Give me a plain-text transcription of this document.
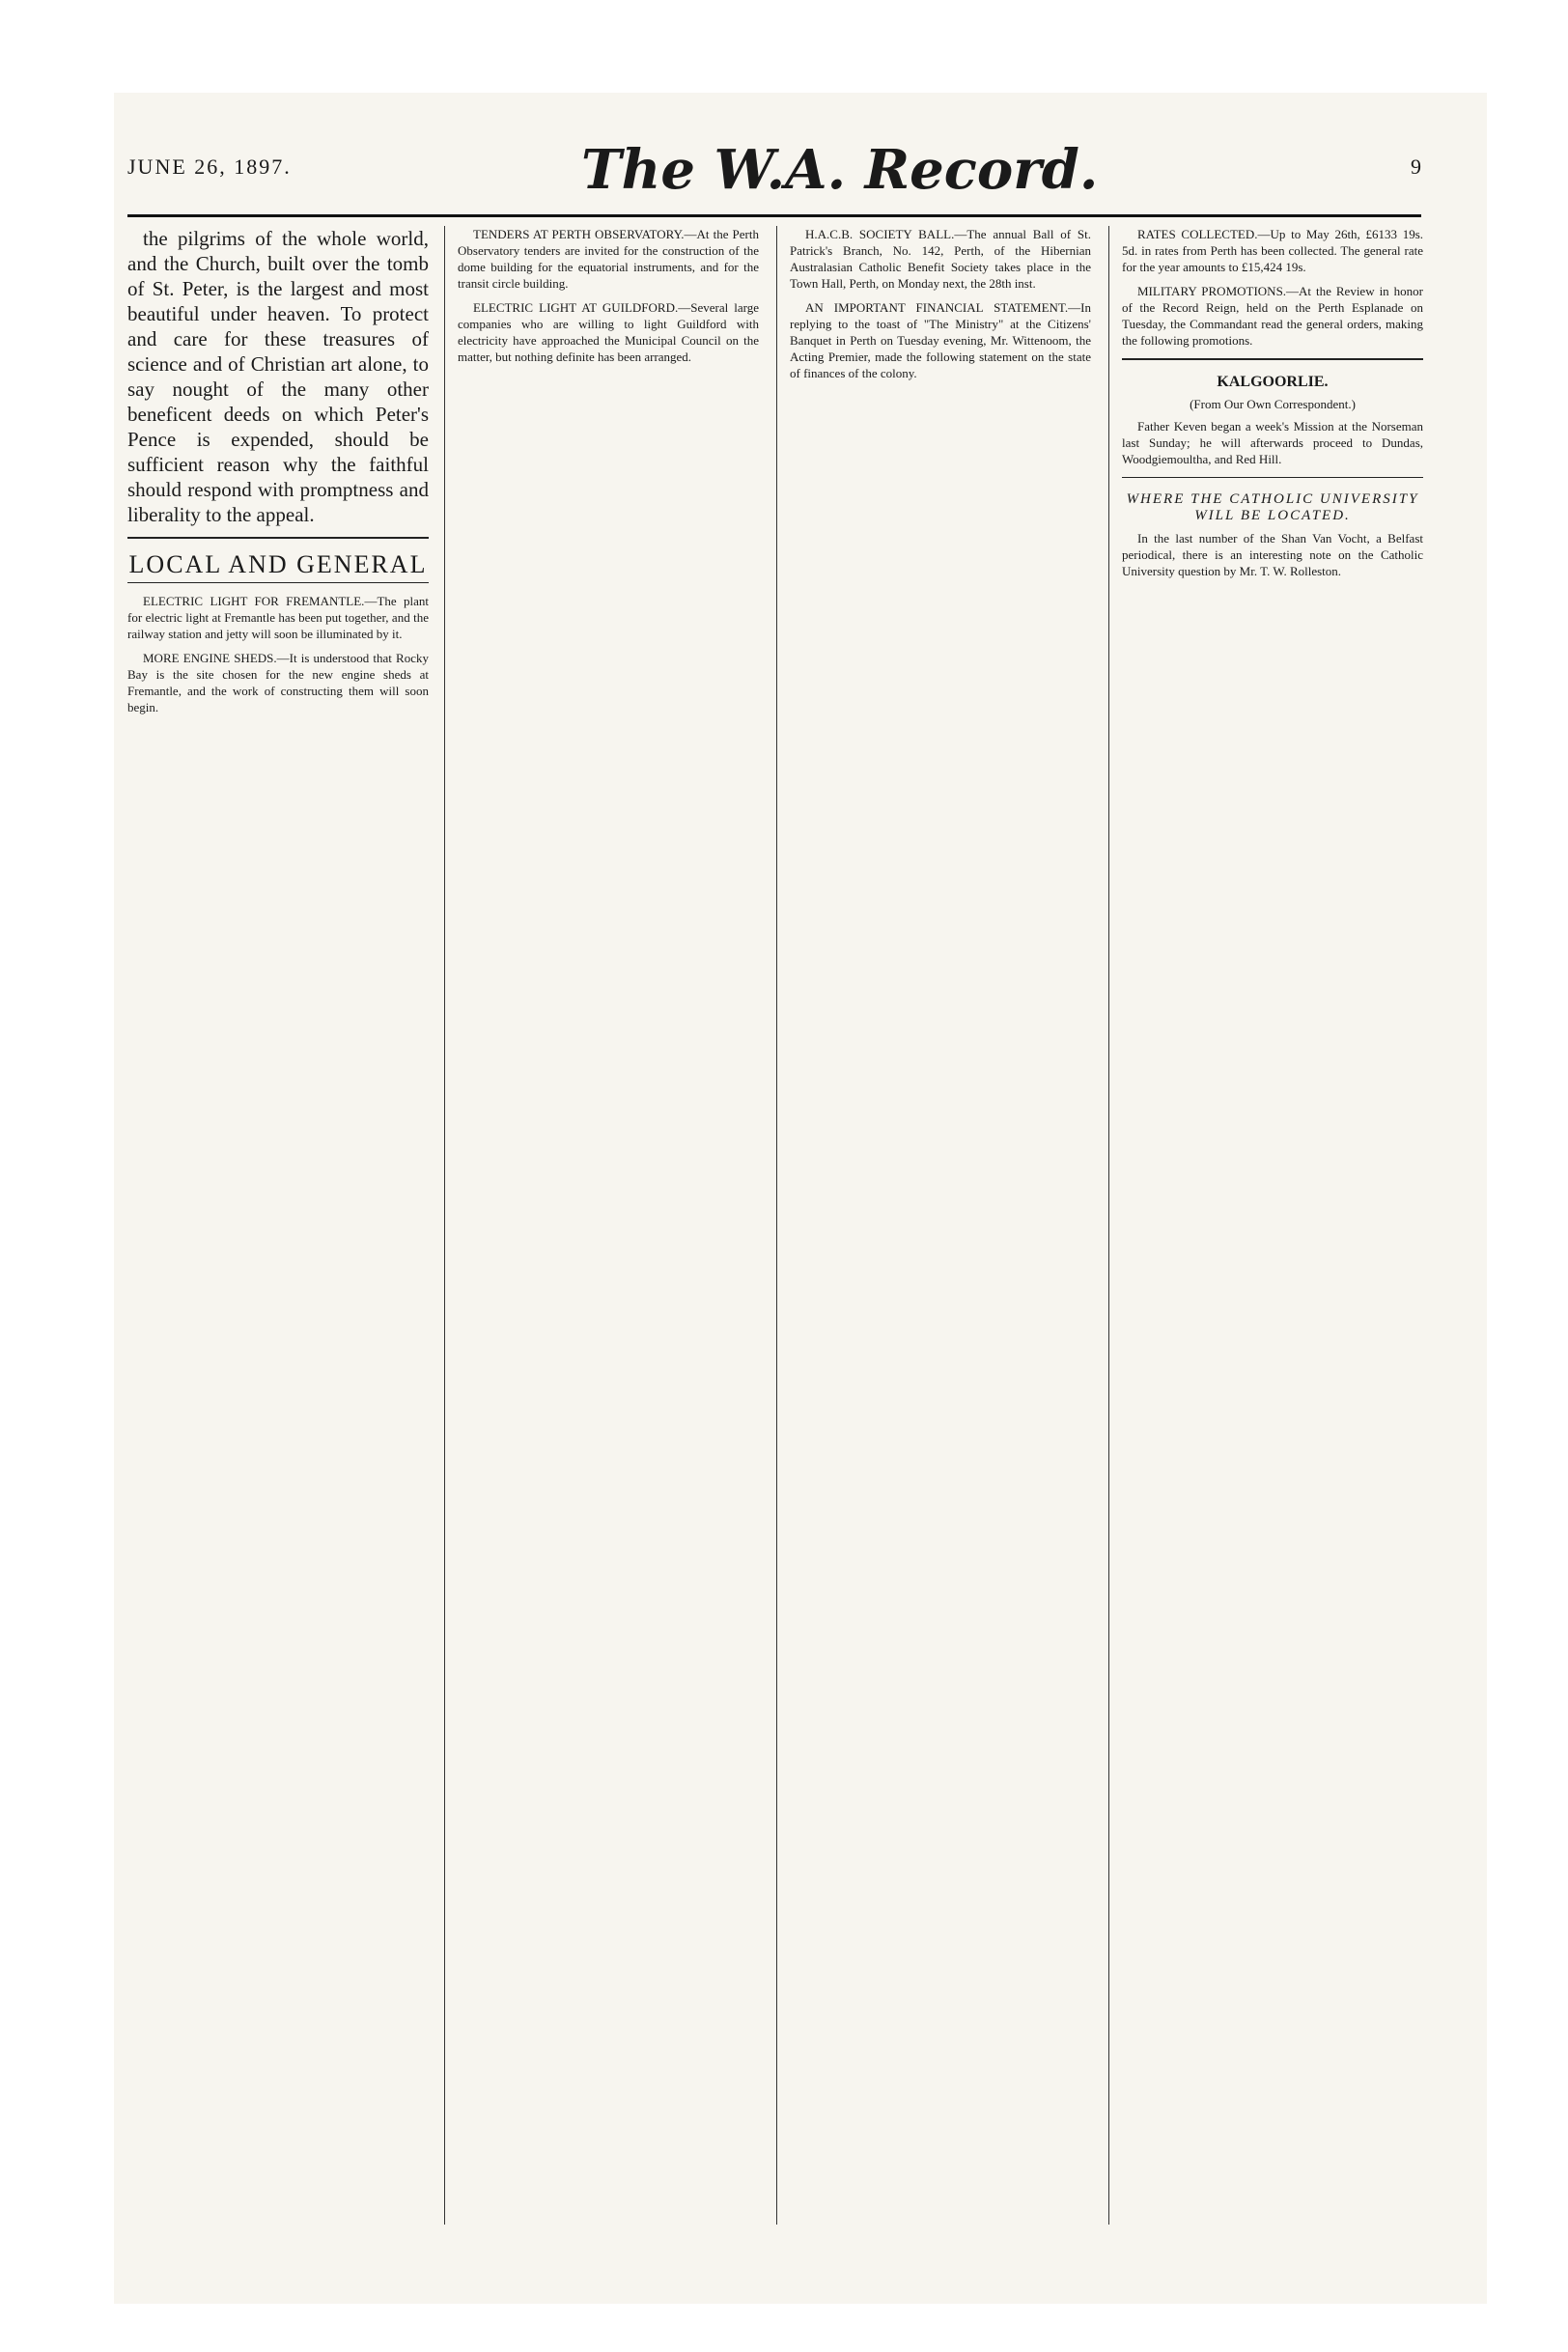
JUNE 26, 1897.	The W.A. Record.	9

the pilgrims of the whole world, and the Church, built over the tomb of St. Peter, is the largest and most beautiful under heaven. To protect and care for these treasures of science and of Christian art alone, to say nought of the many other beneficent deeds on which Peter's Pence is expended, should be sufficient reason why the faithful should respond with promptness and liberality to the appeal.

LOCAL AND GENERAL

ELECTRIC LIGHT FOR FREMANTLE.—The plant for electric light at Fremantle has been put together, and the railway station and jetty will soon be illuminated by it.

MORE ENGINE SHEDS.—It is understood that Rocky Bay is the site chosen for the new engine sheds at Fremantle, and the work of constructing them will soon begin.

TENDERS AT PERTH OBSERVATORY.—At the Perth Observatory tenders are invited for the construction of the dome building for the equatorial instruments, and for the transit circle building.

ELECTRIC LIGHT AT GUILDFORD.—Several large companies who are willing to light Guildford with electricity have approached the Municipal Council on the matter, but nothing definite has been arranged.

H.A.C.B. SOCIETY BALL.—The annual Ball of St. Patrick's Branch, No. 142, Perth, of the Hibernian Australasian Catholic Benefit Society takes place in the Town Hall, Perth, on Monday next, the 28th inst.

AN IMPORTANT FINANCIAL STATEMENT.—In replying to the toast of "The Ministry" at the Citizens' Banquet in Perth on Tuesday evening, Mr. Wittenoom, the Acting Premier, made the following statement on the state of finances of the colony.

RATES COLLECTED.—Up to May 26th, £6133 19s. 5d. in rates from Perth has been collected. The general rate for the year amounts to £15,424 19s.

MILITARY PROMOTIONS.—At the Review in honor of the Record Reign, held on the Perth Esplanade on Tuesday, the Commandant read the general orders, making the following promotions.

KALGOORLIE.
(From Our Own Correspondent.)

Father Keven began a week's Mission at the Norseman last Sunday; he will afterwards proceed to Dundas, Woodgiemoultha, and Red Hill.

WHERE THE CATHOLIC UNIVERSITY WILL BE LOCATED.

In the last number of the Shan Van Vocht, a Belfast periodical, there is an interesting note on the Catholic University question by Mr. T. W. Rolleston.
